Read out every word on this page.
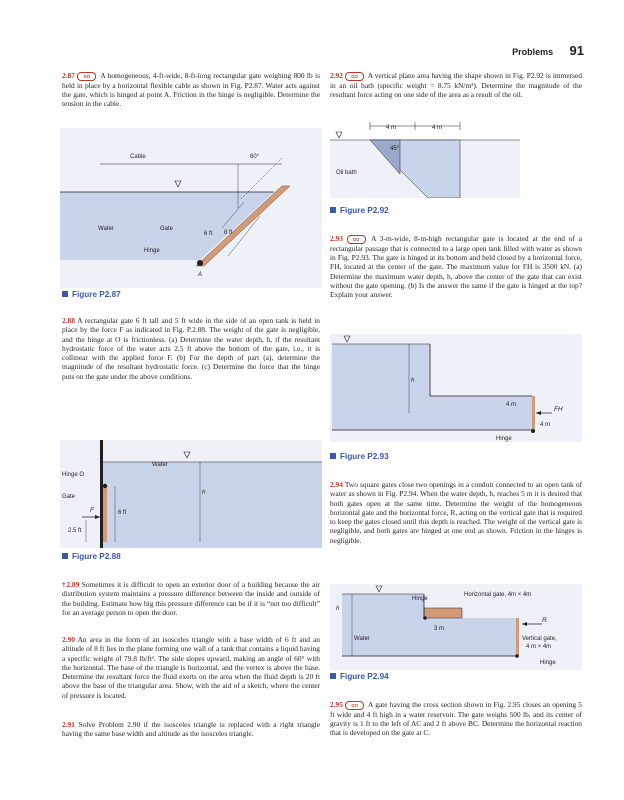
Problems 91
2.87 GO A homogeneous, 4-ft-wide, 8-ft-long rectangular gate weighing 800 lb is held in place by a horizontal flexible cable as shown in Fig. P2.87. Water acts against the gate, which is hinged at point A. Friction in the hinge is negligible. Determine the tension in the cable.
Cable	60°
Water	Gate
Hinge
6 ft 8 ft
A
Figure P2.87
2.88 A rectangular gate 6 ft tall and 5 ft wide in the side of an open tank is held in place by the force F as indicated in Fig. P.2.88. The weight of the gate is negligible, and the hinge at O is frictionless. (a) Determine the water depth, h, if the resultant hydrostatic force of the water acts 2.5 ft above the bottom of the gate, i.e., it is collinear with the applied force F. (b) For the depth of part (a), determine the magnitude of the resultant hydrostatic force. (c) Determine the force that the hinge puts on the gate under the above conditions.
Water
Hinge O
Gate
F	6 ft
2.5 ft
h
Figure P2.88
†2.89 Sometimes it is difficult to open an exterior door of a building because the air distribution system maintains a pressure difference between the inside and outside of the building. Estimate how big this pressure difference can be if it is “not too difficult” for an average person to open the door.
2.90 An area in the form of an isosceles triangle with a base width of 6 ft and an altitude of 8 ft lies in the plane forming one wall of a tank that contains a liquid having a specific weight of 79.8 lb/ft³. The side slopes upward, making an angle of 60° with the horizontal. The base of the triangle is horizontal, and the vertex is above the base. Determine the resultant force the fluid exerts on the area when the fluid depth is 20 ft above the base of the triangular area. Show, with the aid of a sketch, where the center of pressure is located.
2.91 Solve Problem 2.90 if the isosceles triangle is replaced with a right triangle having the same base width and altitude as the isosceles triangle.
2.92 GO A vertical plane area having the shape shown in Fig. P2.92 is immersed in an oil bath (specific weight = 8.75 kN/m³). Determine the magnitude of the resultant force acting on one side of the area as a result of the oil.
4 m	4 m
45°
Oil bath
Figure P2.92
2.93 GO A 3-m-wide, 8-m-high rectangular gate is located at the end of a rectangular passage that is connected to a large open tank filled with water as shown in Fig. P2.93. The gate is hinged at its bottom and held closed by a horizontal force, FH, located at the center of the gate. The maximum value for FH is 3500 kN. (a) Determine the maximum water depth, h, above the center of the gate that can exist without the gate opening. (b) Is the answer the same if the gate is hinged at the top? Explain your answer.
h
4 m
4 m
FH
Hinge
Figure P2.93
2.94 Two square gates close two openings in a conduit connected to an open tank of water as shown in Fig. P2.94. When the water depth, h, reaches 5 m it is desired that both gates open at the same time. Determine the weight of the homogeneous horizontal gate and the horizontal force, R, acting on the vertical gate that is required to keep the gates closed until this depth is reached. The weight of the vertical gate is negligible, and both gates are hinged at one end as shown. Friction in the hinges is negligible.
Hinge
Horizontal gate, 4m × 4m
h
3 m
R
Water	Vertical gate,
4 m × 4m
Hinge
Figure P2.94
2.95 GO A gate having the cross section shown in Fig. 2.95 closes an opening 5 ft wide and 4 ft high in a water reservoir. The gate weighs 500 lb, and its center of gravity is 1 ft to the left of AC and 2 ft above BC. Determine the horizontal reaction that is developed on the gate at C.
